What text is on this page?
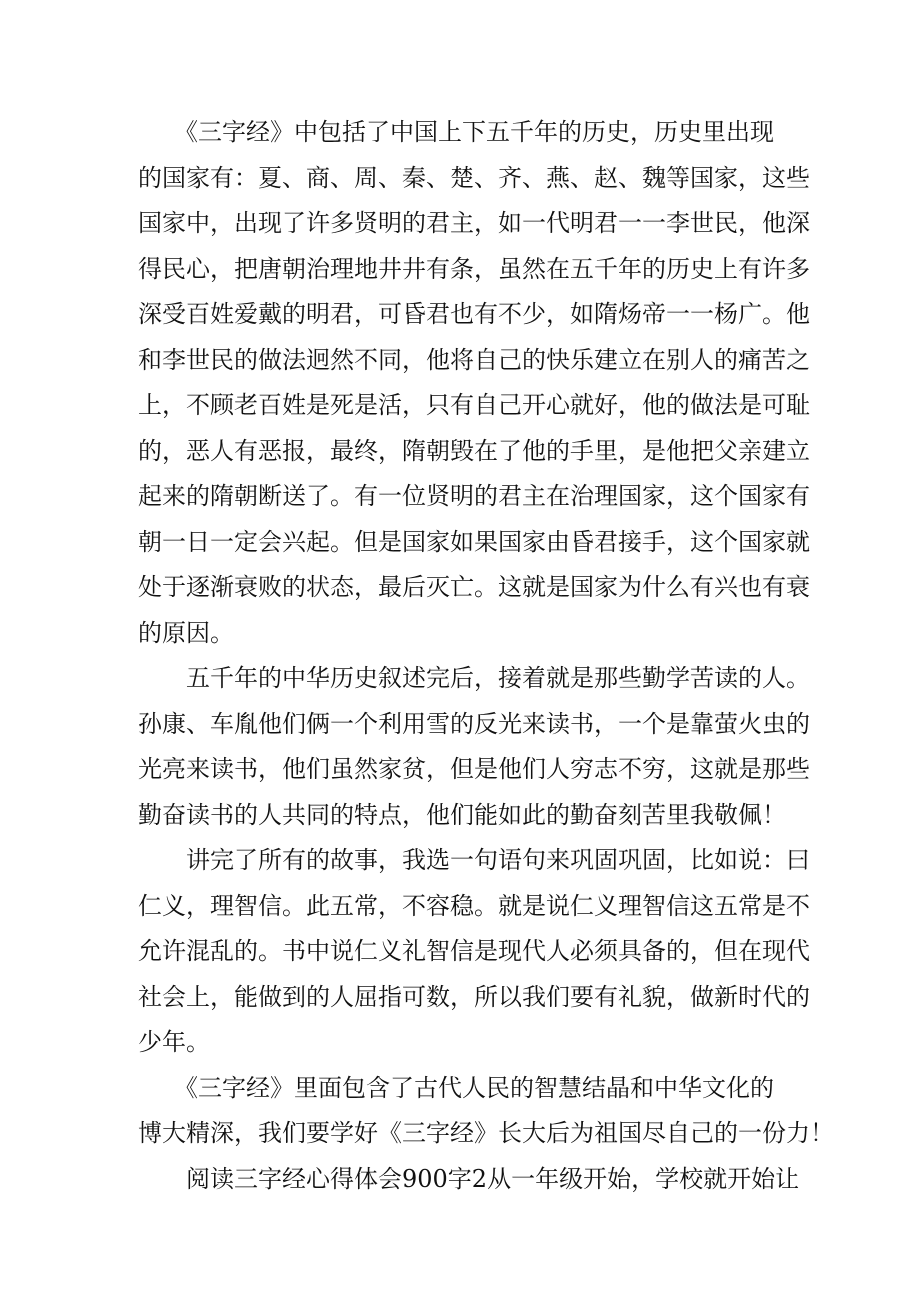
　　《三字经》中包括了中国上下五千年的历史，历史里出现
的国家有：夏、商、周、秦、楚、齐、燕、赵、魏等国家，这些
国家中，出现了许多贤明的君主，如一代明君一一李世民，他深
得民心，把唐朝治理地井井有条，虽然在五千年的历史上有许多
深受百姓爱戴的明君，可昏君也有不少，如隋炀帝一一杨广。他
和李世民的做法迥然不同，他将自己的快乐建立在别人的痛苦之
上，不顾老百姓是死是活，只有自己开心就好，他的做法是可耻
的，恶人有恶报，最终，隋朝毁在了他的手里，是他把父亲建立
起来的隋朝断送了。有一位贤明的君主在治理国家，这个国家有
朝一日一定会兴起。但是国家如果国家由昏君接手，这个国家就
处于逐渐衰败的状态，最后灭亡。这就是国家为什么有兴也有衰
的原因。
　　五千年的中华历史叙述完后，接着就是那些勤学苦读的人。
孙康、车胤他们俩一个利用雪的反光来读书，一个是靠萤火虫的
光亮来读书，他们虽然家贫，但是他们人穷志不穷，这就是那些
勤奋读书的人共同的特点，他们能如此的勤奋刻苦里我敬佩！
　　讲完了所有的故事，我选一句语句来巩固巩固，比如说：曰
仁义，理智信。此五常，不容稳。就是说仁义理智信这五常是不
允许混乱的。书中说仁义礼智信是现代人必须具备的，但在现代
社会上，能做到的人屈指可数，所以我们要有礼貌，做新时代的
少年。
　　《三字经》里面包含了古代人民的智慧结晶和中华文化的
博大精深，我们要学好《三字经》长大后为祖国尽自己的一份力！
　　阅读三字经心得体会900字2从一年级开始，学校就开始让
